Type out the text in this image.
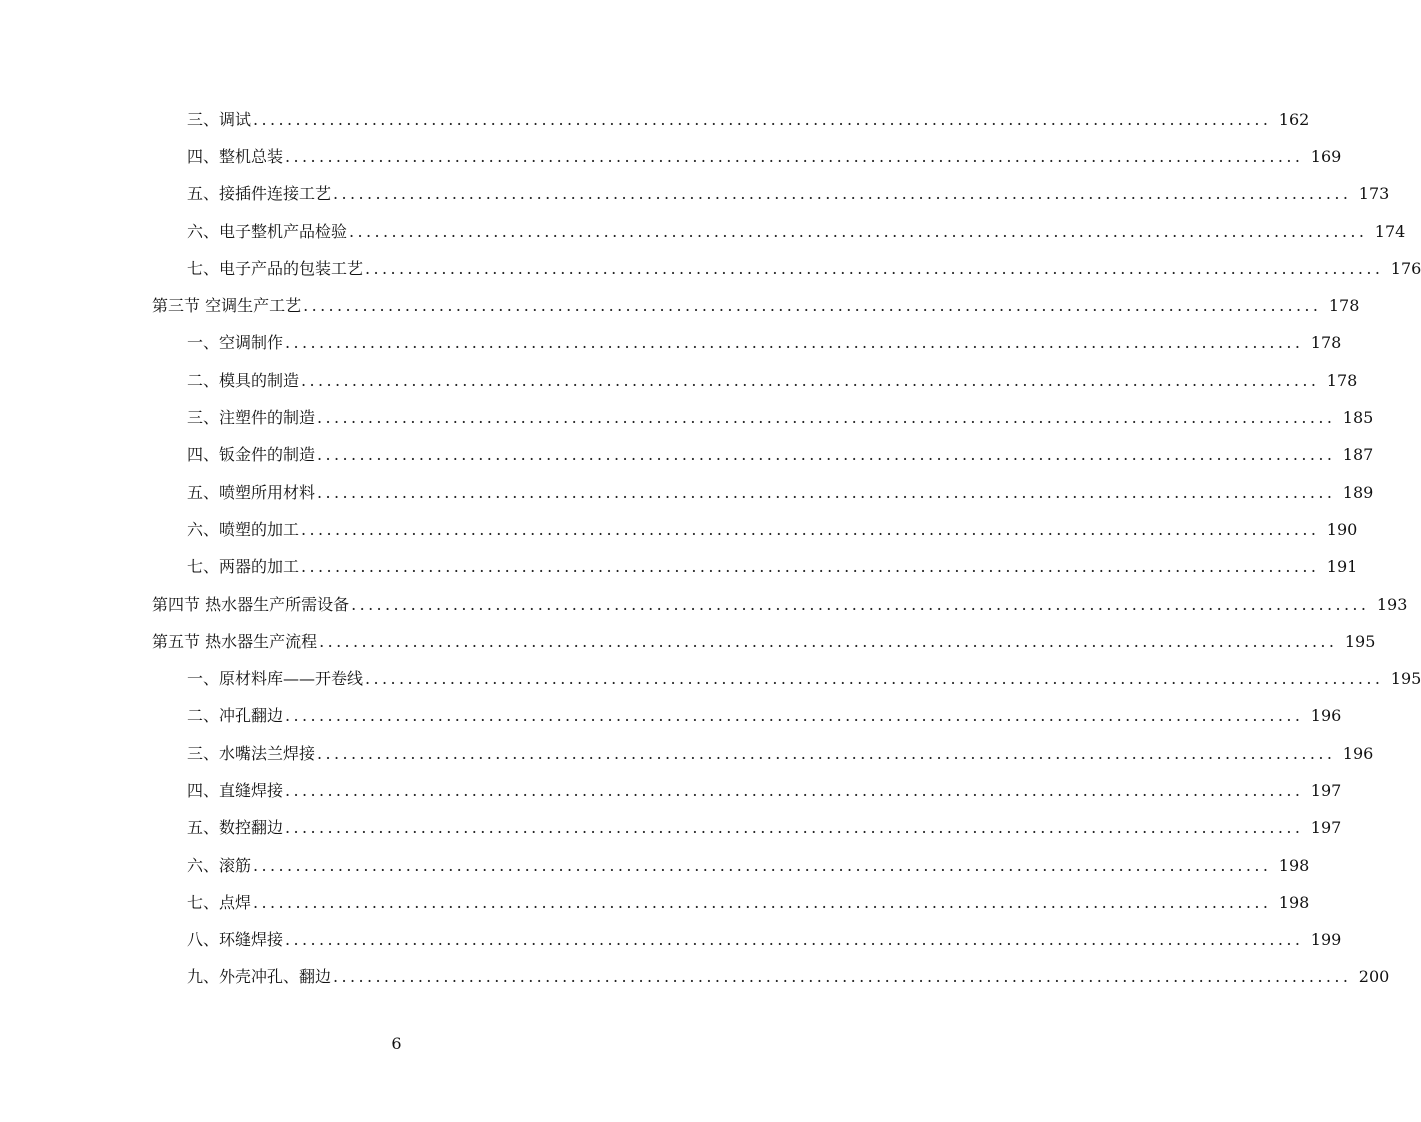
三、调试 ........................................................................................................................ 162
四、整机总装 ........................................................................................................................ 169
五、接插件连接工艺 ........................................................................................................................ 173
六、电子整机产品检验 ........................................................................................................................ 174
七、电子产品的包装工艺 ........................................................................................................................ 176
第三节 空调生产工艺 ........................................................................................................................ 178
一、空调制作 ........................................................................................................................ 178
二、模具的制造 ........................................................................................................................ 178
三、注塑件的制造 ........................................................................................................................ 185
四、钣金件的制造 ........................................................................................................................ 187
五、喷塑所用材料 ........................................................................................................................ 189
六、喷塑的加工 ........................................................................................................................ 190
七、两器的加工 ........................................................................................................................ 191
第四节 热水器生产所需设备 ........................................................................................................................ 193
第五节 热水器生产流程 ........................................................................................................................ 195
一、原材料库——开卷线 ........................................................................................................................ 195
二、冲孔翻边 ........................................................................................................................ 196
三、水嘴法兰焊接 ........................................................................................................................ 196
四、直缝焊接 ........................................................................................................................ 197
五、数控翻边 ........................................................................................................................ 197
六、滚筋 ........................................................................................................................ 198
七、点焊 ........................................................................................................................ 198
八、环缝焊接 ........................................................................................................................ 199
九、外壳冲孔、翻边 ........................................................................................................................ 200
6
